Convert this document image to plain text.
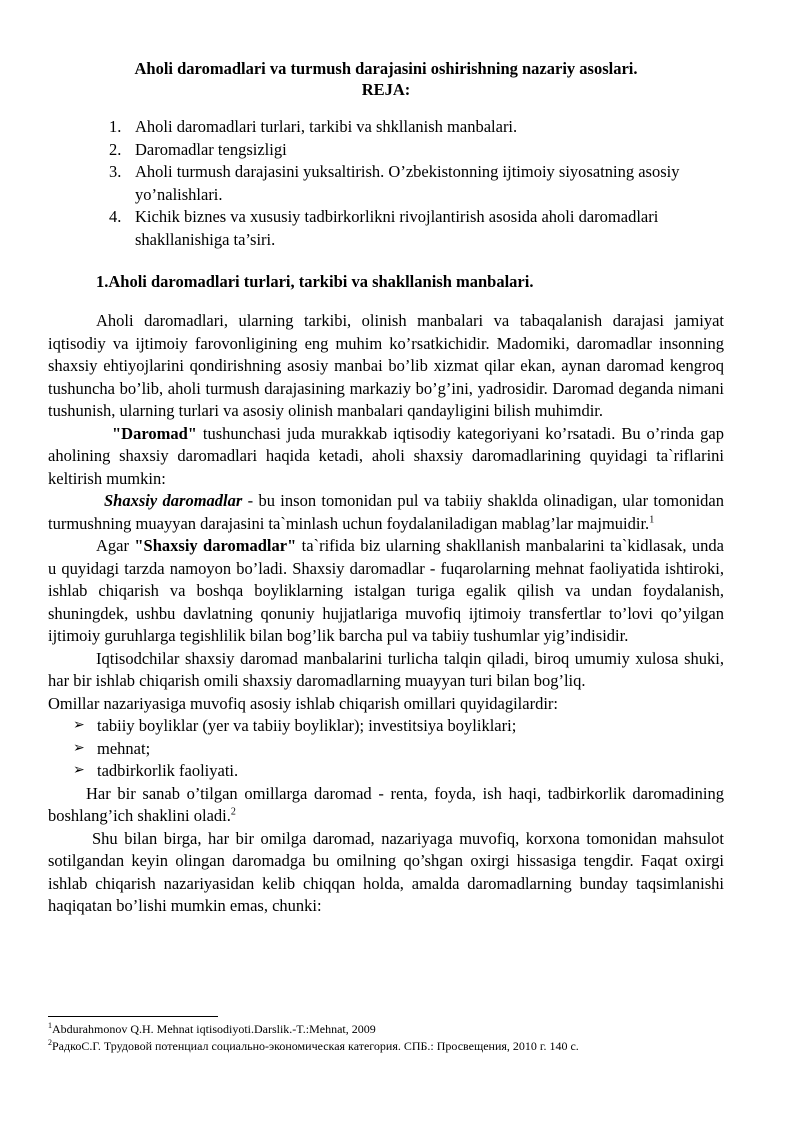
Aholi daromadlari va turmush darajasini oshirishning nazariy asoslari.

REJA:

1. Aholi daromadlari turlari, tarkibi va shkllanish manbalari.
2. Daromadlar tengsizligi
3. Aholi turmush darajasini yuksaltirish. O’zbekistonning ijtimoiy siyosatning asosiy yo’nalishlari.
4. Kichik biznes va xususiy tadbirkorlikni rivojlantirish asosida aholi daromadlari shakllanishiga ta’siri.
1.Aholi daromadlari turlari, tarkibi va shakllanish manbalari.

Aholi daromadlari, ularning tarkibi, olinish manbalari va tabaqalanish darajasi jamiyat iqtisodiy va ijtimoiy farovonligining eng muhim ko’rsatkichidir. Madomiki, daromadlar insonning shaxsiy ehtiyojlarini qondirishning asosiy manbai bo’lib xizmat qilar ekan, aynan daromad kengroq tushuncha bo’lib, aholi turmush darajasining markaziy bo’g’ini, yadrosidir. Daromad deganda nimani tushunish, ularning turlari va asosiy olinish manbalari qandayligini bilish muhimdir.

"Daromad" tushunchasi juda murakkab iqtisodiy kategoriyani ko’rsatadi. Bu o’rinda gap aholining shaxsiy daromadlari haqida ketadi, aholi shaxsiy daromadlarining quyidagi ta`riflarini keltirish mumkin:

Shaxsiy daromadlar - bu inson tomonidan pul va tabiiy shaklda olinadigan, ular tomonidan turmushning muayyan darajasini ta`minlash uchun foydalaniladigan mablag’lar majmuidir.$^1$

Agar "Shaxsiy daromadlar" ta`rifida biz ularning shakllanish manbalarini ta`kidlasak, unda u quyidagi tarzda namoyon bo’ladi. Shaxsiy daromadlar - fuqarolarning mehnat faoliyatida ishtiroki, ishlab chiqarish va boshqa boyliklarning istalgan turiga egalik qilish va undan foydalanish, shuningdek, ushbu davlatning qonuniy hujjatlariga muvofiq ijtimoiy transfertlar to’lovi qo’yilgan ijtimoiy guruhlarga tegishlilik bilan bog’lik barcha pul va tabiiy tushumlar yig’indisidir.

Iqtisodchilar shaxsiy daromad manbalarini turlicha talqin qiladi, biroq umumiy xulosa shuki, har bir ishlab chiqarish omili shaxsiy daromadlarning muayyan turi bilan bog’liq.

Omillar nazariyasiga muvofiq asosiy ishlab chiqarish omillari quyidagilardir:

➢ tabiiy boyliklar (yer va tabiiy boyliklar); investitsiya boyliklari;
➢ mehnat;
➢ tadbirkorlik faoliyati.

Har bir sanab o’tilgan omillarga daromad - renta, foyda, ish haqi, tadbirkorlik daromadining boshlang’ich shaklini oladi.$^2$

Shu bilan birga, har bir omilga daromad, nazariyaga muvofiq, korxona tomonidan mahsulot sotilgandan keyin olingan daromadga bu omilning qo’shgan oxirgi hissasiga tengdir. Faqat oxirgi ishlab chiqarish nazariyasidan kelib chiqqan holda, amalda daromadlarning bunday taqsimlanishi haqiqatan bo’lishi mumkin emas, chunki:

$^1$Abdurahmonov Q.H. Mehnat iqtisodiyoti.Darslik.-T.:Mehnat, 2009
$^2$РадкоС.Г. Трудовой потенциал социально-экономическая категория. СПБ.: Просвещения, 2010 г. 140 с.
